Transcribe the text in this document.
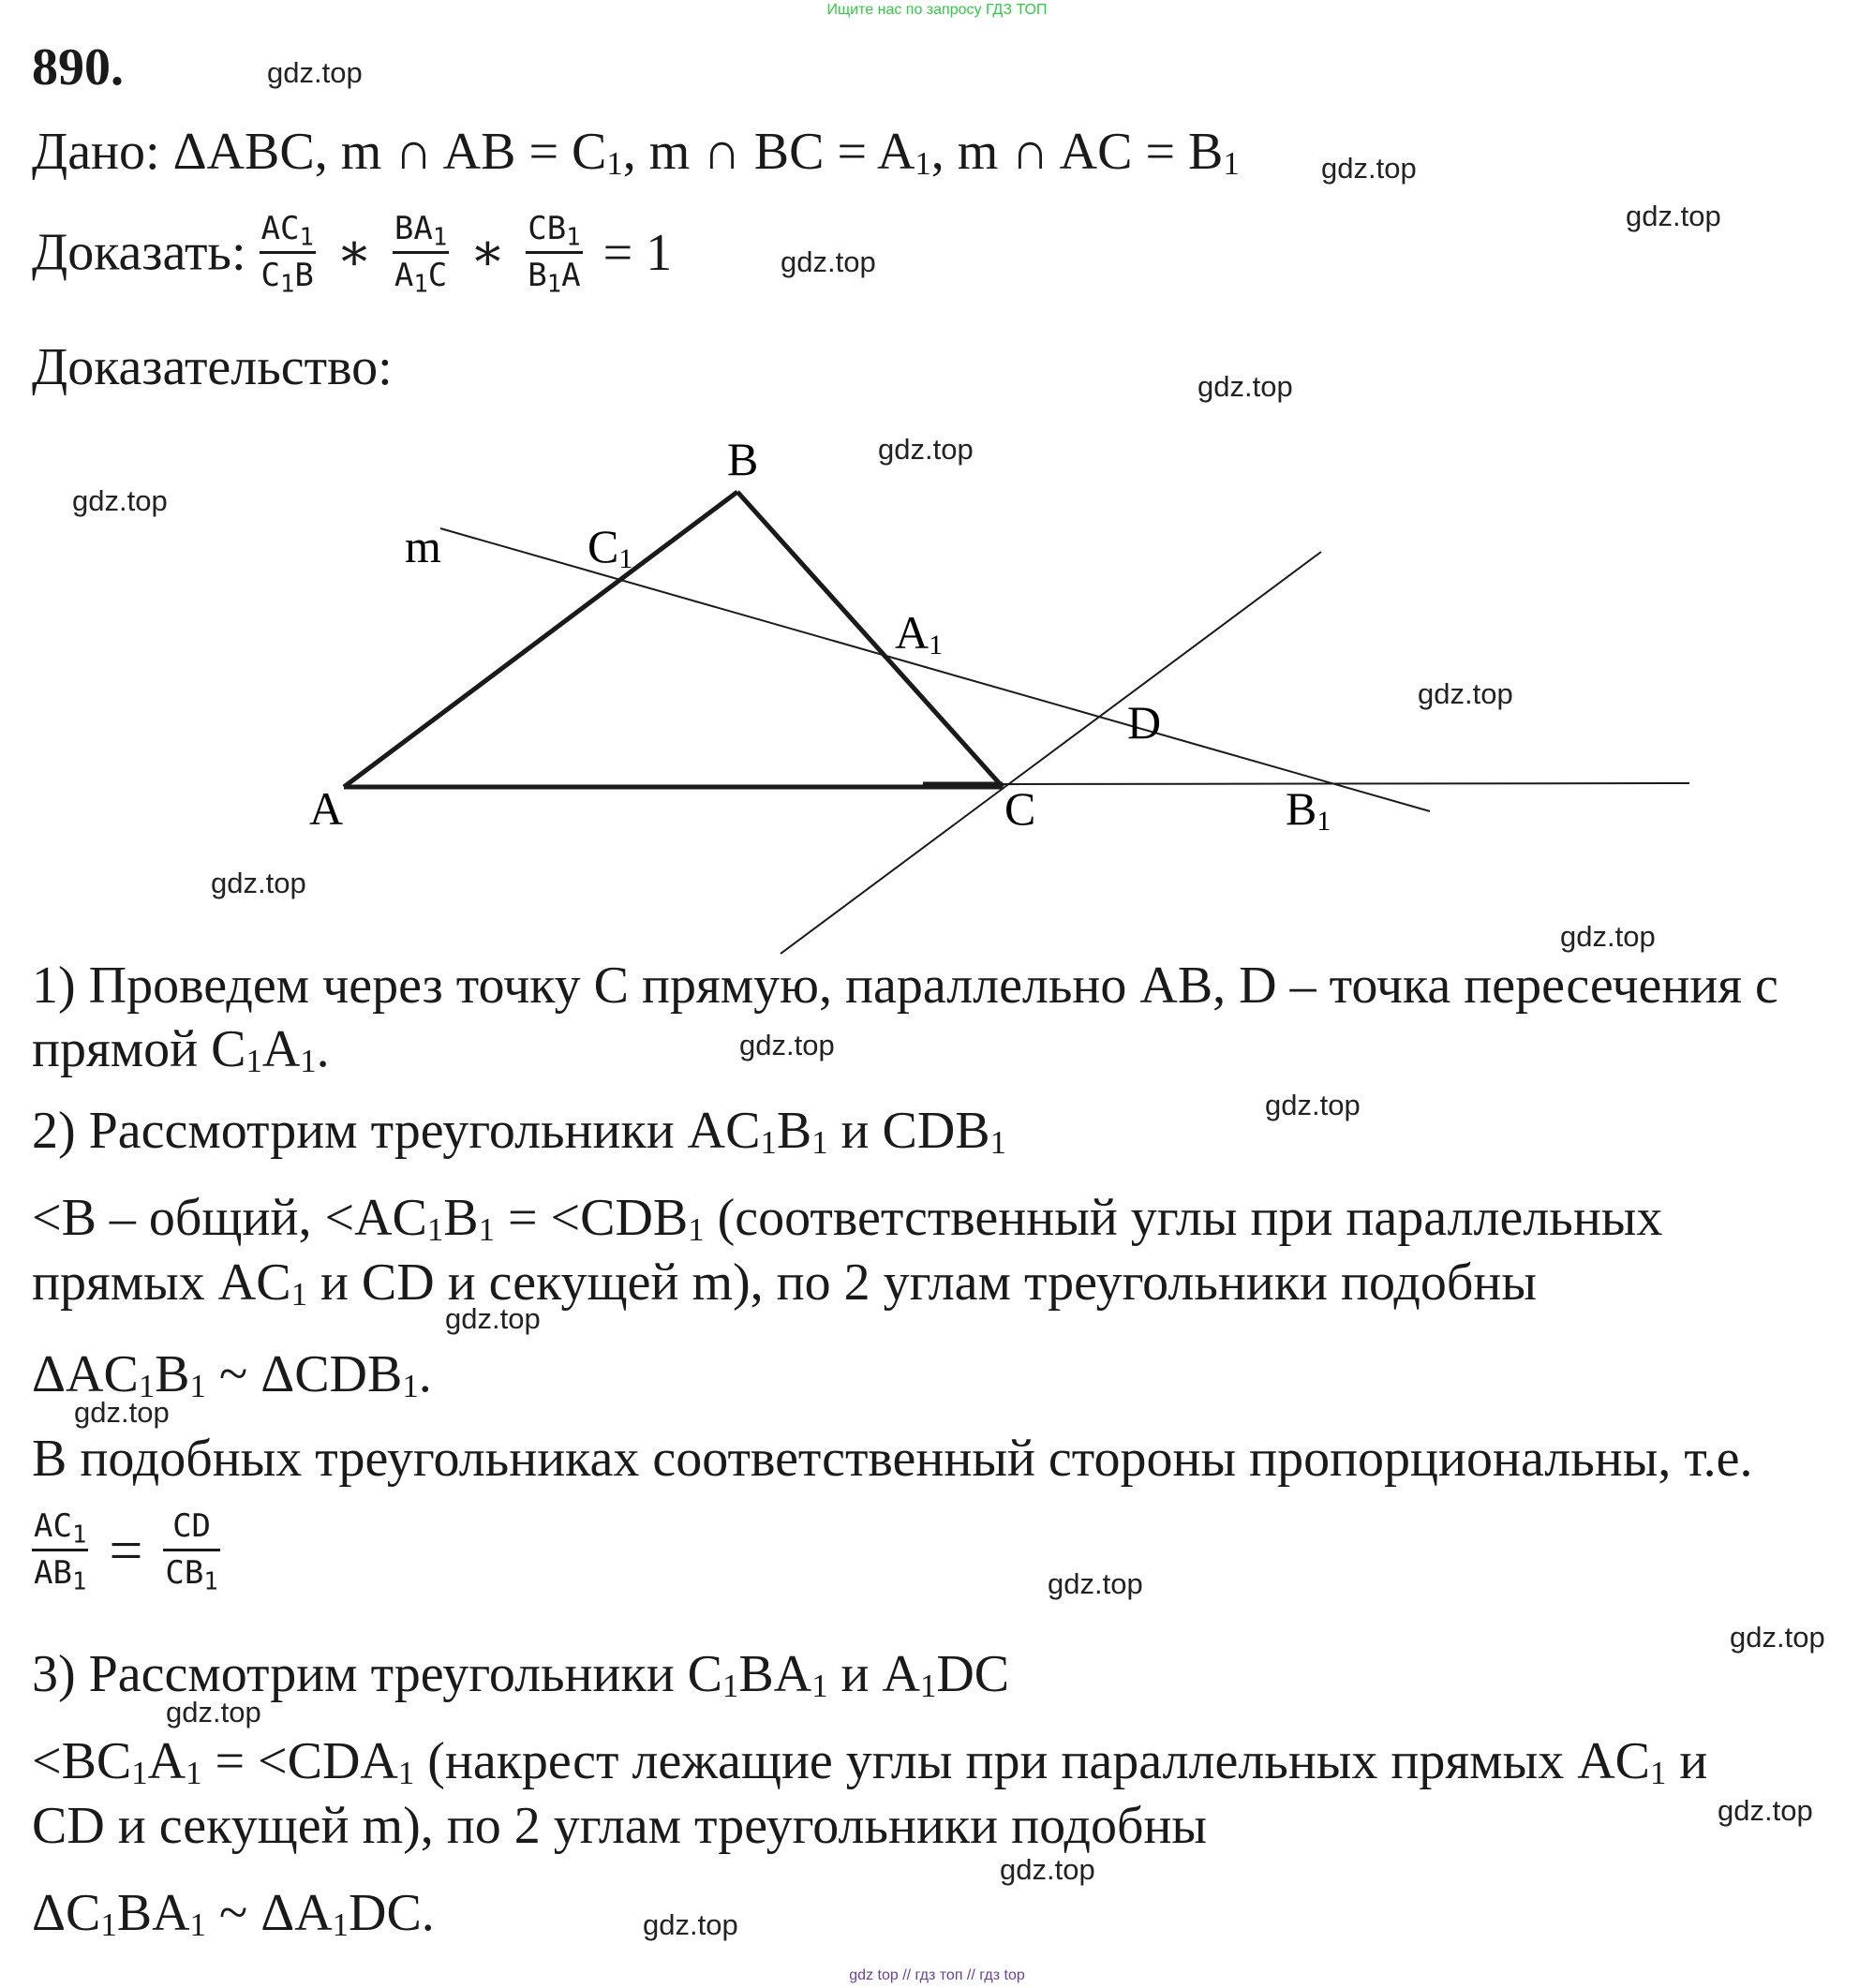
Ищите нас по запросу ГДЗ ТОП
gdz top // гдз топ // гдз top
890.
Дано: ΔABC, m ∩ AB = $C_1$, m ∩ BC = $A_1$, m ∩ AC = $B_1$
Доказать: $\frac{AC_1}{C_1B}$ ∗ $\frac{BA_1}{A_1C}$ ∗ $\frac{CB_1}{B_1A} = 1$
Доказательство:
B
m	C1
A1
D
A	C	B1
1) Проведем через точку C прямую, параллельно AB, D – точка пересечения с
прямой $C_1A_1$.
2) Рассмотрим треугольники $AC_1B_1$ и $CDB_1$
<B – общий, $<AC_1B_1 = <CDB_1$ (соответственный углы при параллельных
прямых $AC_1$ и CD и секущей m), по 2 углам треугольники подобны
$\Delta AC_1B_1$ ~ $\Delta CDB_1$.
В подобных треугольниках соответственный стороны пропорциональны, т.е.
$\frac{AC_1}{AB_1} = \frac{CD}{CB_1}$
3) Рассмотрим треугольники $C_1BA_1$ и $A_1DC$
$<BC_1A_1 = <CDA_1$ (накрест лежащие углы при параллельных прямых $AC_1$ и
CD и секущей m), по 2 углам треугольники подобны
$\Delta C_1BA_1$ ~ $\Delta A_1DC$.
gdz.top
gdz.top
gdz.top
gdz.top
gdz.top
gdz.top
gdz.top
gdz.top
gdz.top
gdz.top
gdz.top
gdz.top
gdz.top
gdz.top
gdz.top
gdz.top
gdz.top
gdz.top
gdz.top
gdz.top
